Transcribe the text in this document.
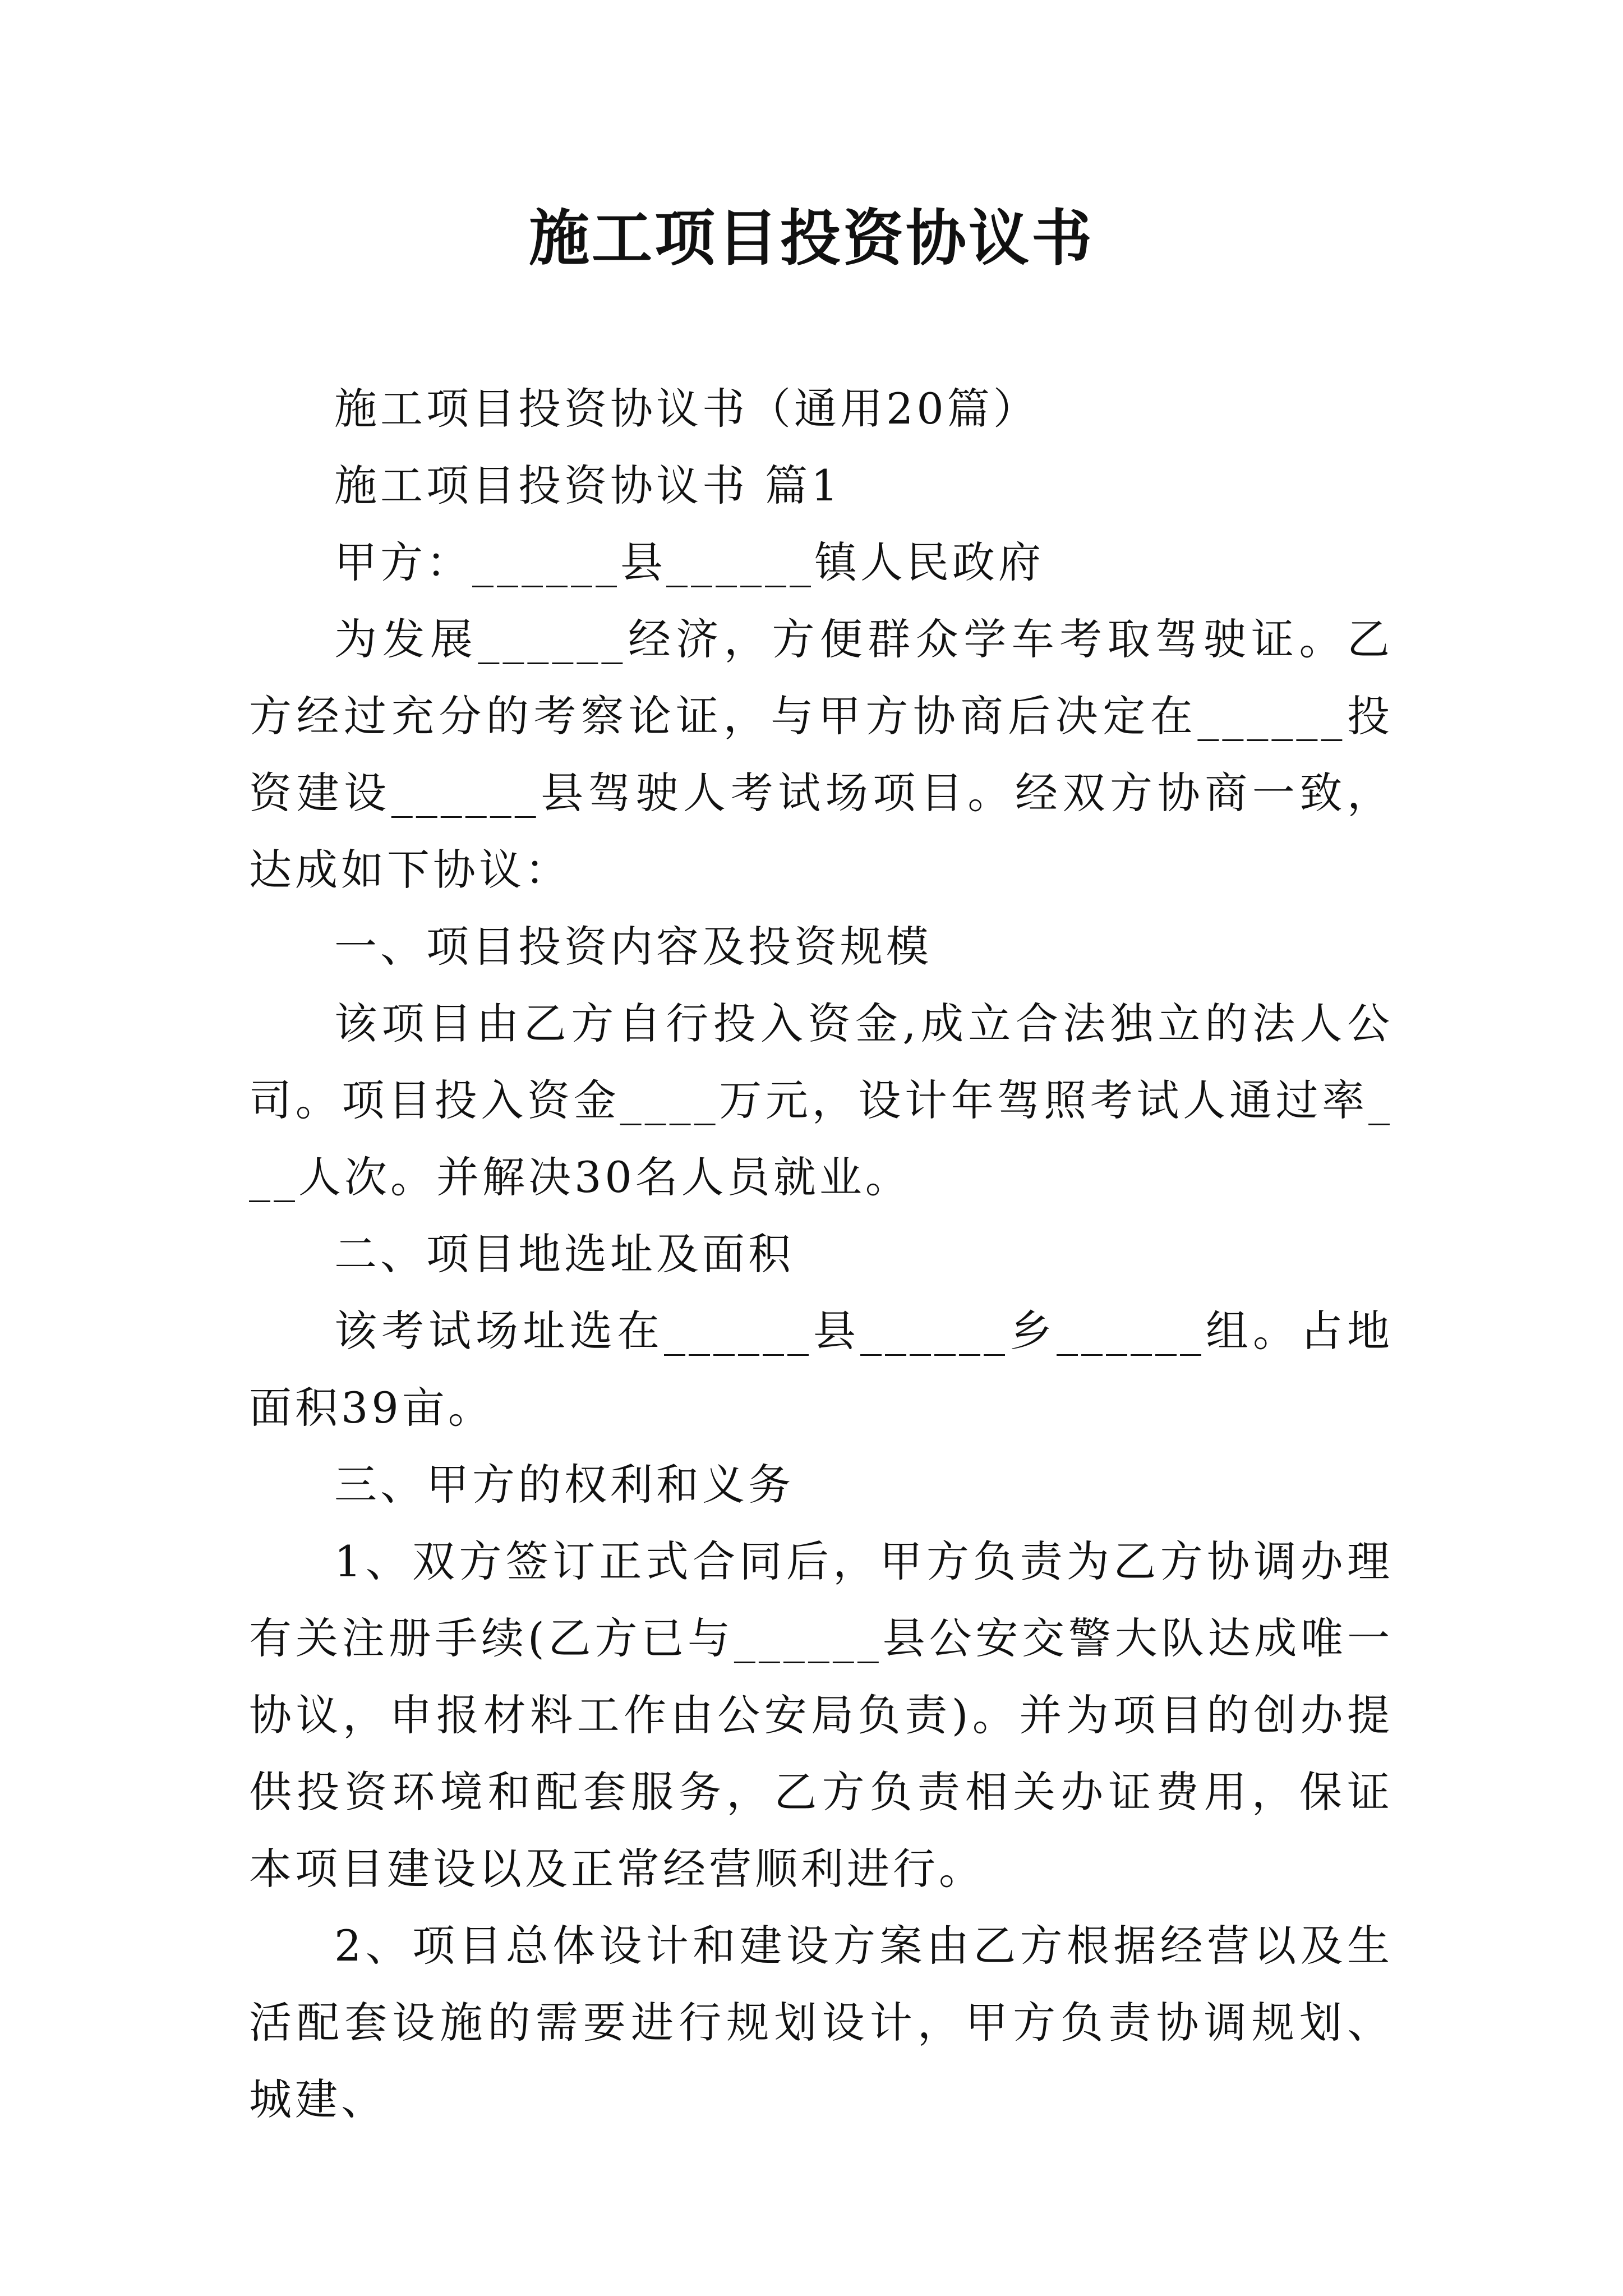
施工项目投资协议书

施工项目投资协议书（通用20篇）

施工项目投资协议书 篇1

甲方：______县______镇人民政府

为发展______经济，方便群众学车考取驾驶证。乙方经过充分的考察论证，与甲方协商后决定在______投资建设______县驾驶人考试场项目。经双方协商一致，达成如下协议：

一、项目投资内容及投资规模

该项目由乙方自行投入资金,成立合法独立的法人公司。项目投入资金____万元，设计年驾照考试人通过率___人次。并解决30名人员就业。

二、项目地选址及面积

该考试场址选在______县______乡______组。占地面积39亩。

三、甲方的权利和义务

1、双方签订正式合同后，甲方负责为乙方协调办理有关注册手续(乙方已与______县公安交警大队达成唯一协议，申报材料工作由公安局负责)。并为项目的创办提供投资环境和配套服务，乙方负责相关办证费用，保证本项目建设以及正常经营顺利进行。

2、项目总体设计和建设方案由乙方根据经营以及生活配套设施的需要进行规划设计，甲方负责协调规划、城建、
